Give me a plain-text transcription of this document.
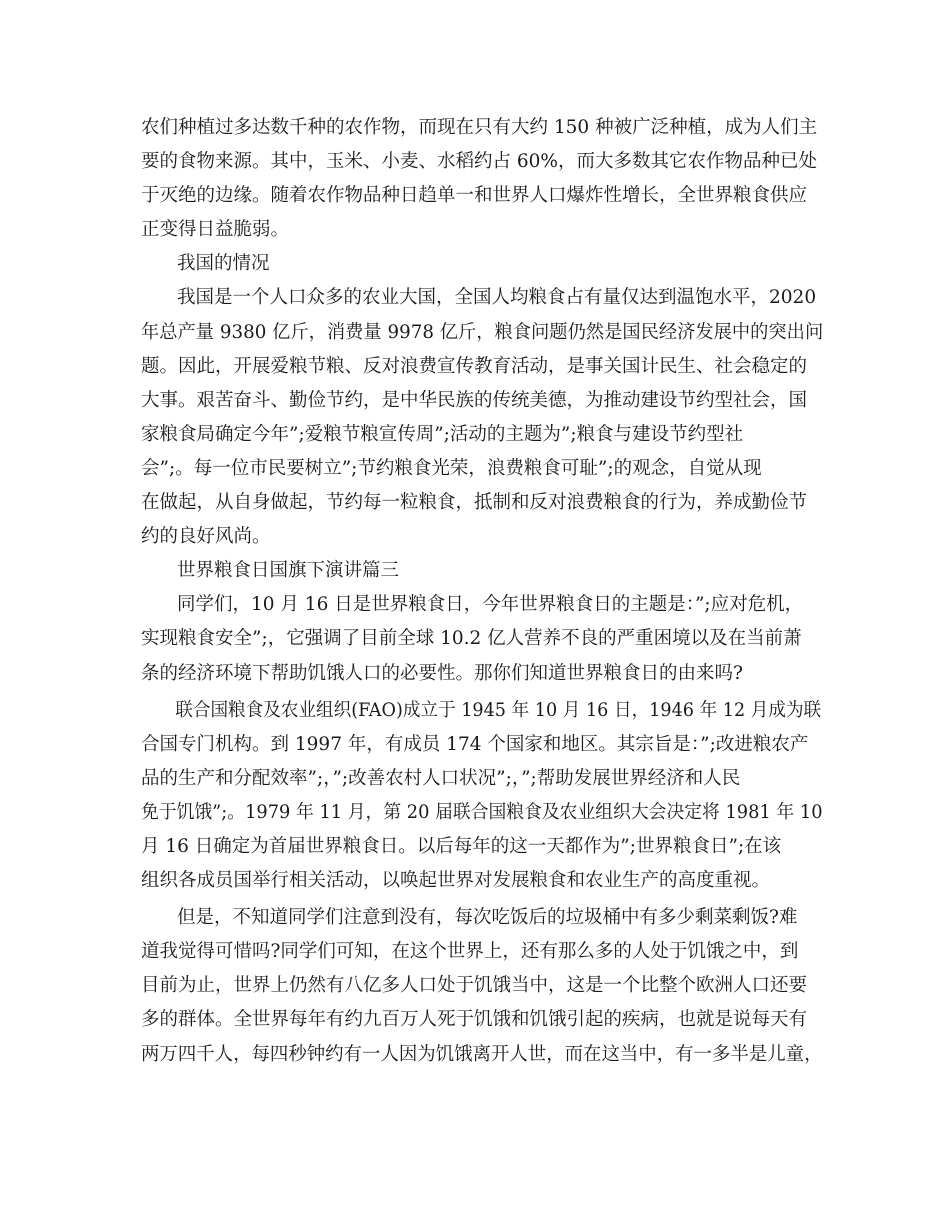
农们种植过多达数千种的农作物，而现在只有大约 150 种被广泛种植，成为人们主
要的食物来源。其中，玉米、小麦、水稻约占 60%，而大多数其它农作物品种已处
于灭绝的边缘。随着农作物品种日趋单一和世界人口爆炸性增长，全世界粮食供应
正变得日益脆弱。
我国的情况
我国是一个人口众多的农业大国，全国人均粮食占有量仅达到温饱水平，2020
年总产量 9380 亿斤，消费量 9978 亿斤，粮食问题仍然是国民经济发展中的突出问
题。因此，开展爱粮节粮、反对浪费宣传教育活动，是事关国计民生、社会稳定的
大事。艰苦奋斗、勤俭节约，是中华民族的传统美德，为推动建设节约型社会，国
家粮食局确定今年”;爱粮节粮宣传周”;活动的主题为”;粮食与建设节约型社
会”;。每一位市民要树立”;节约粮食光荣，浪费粮食可耻”;的观念，自觉从现
在做起，从自身做起，节约每一粒粮食，抵制和反对浪费粮食的行为，养成勤俭节
约的良好风尚。
世界粮食日国旗下演讲篇三
同学们，10 月 16 日是世界粮食日，今年世界粮食日的主题是：”;应对危机，
实现粮食安全”;，它强调了目前全球 10.2 亿人营养不良的严重困境以及在当前萧
条的经济环境下帮助饥饿人口的必要性。那你们知道世界粮食日的由来吗?
联合国粮食及农业组织(FAO)成立于 1945 年 10 月 16 日，1946 年 12 月成为联
合国专门机构。到 1997 年，有成员 174 个国家和地区。其宗旨是：”;改进粮农产
品的生产和分配效率”;，”;改善农村人口状况”;，”;帮助发展世界经济和人民
免于饥饿”;。1979 年 11 月，第 20 届联合国粮食及农业组织大会决定将 1981 年 10
月 16 日确定为首届世界粮食日。以后每年的这一天都作为”;世界粮食日”;在该
组织各成员国举行相关活动，以唤起世界对发展粮食和农业生产的高度重视。
但是，不知道同学们注意到没有，每次吃饭后的垃圾桶中有多少剩菜剩饭?难
道我觉得可惜吗?同学们可知，在这个世界上，还有那么多的人处于饥饿之中，到
目前为止，世界上仍然有八亿多人口处于饥饿当中，这是一个比整个欧洲人口还要
多的群体。全世界每年有约九百万人死于饥饿和饥饿引起的疾病，也就是说每天有
两万四千人，每四秒钟约有一人因为饥饿离开人世，而在这当中，有一多半是儿童，
